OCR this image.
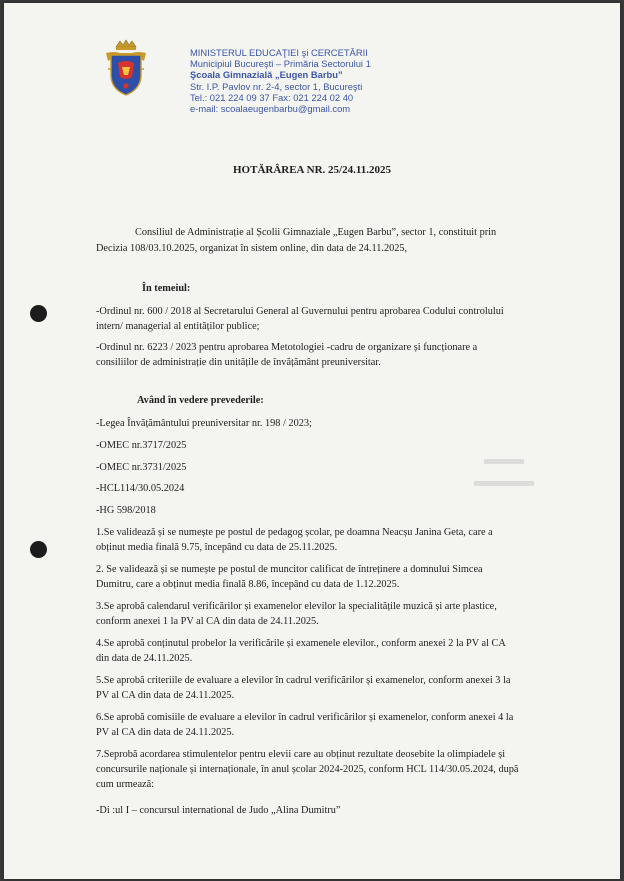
MINISTERUL EDUCAŢIEI şi CERCETĂRII
Municipiul Bucureşti – Primăria Sectorului 1
Şcoala Gimnazială „Eugen Barbu”
Str. I.P. Pavlov nr. 2-4, sector 1, Bucureşti
Tel.: 021 224 09 37 Fax: 021 224 02 40
e-mail: scoalaeugenbarbu@gmail.com
HOTĂRÂREA NR. 25/24.11.2025
Consiliul de Administrație al Școlii Gimnaziale „Eugen Barbu”, sector 1, constituit prin
Decizia 108/03.10.2025, organizat în sistem online, din data de 24.11.2025,
În temeiul:
-Ordinul nr. 600 / 2018 al Secretarului General al Guvernului pentru aprobarea Codului controlului
intern/ managerial al entităților publice;
-Ordinul nr. 6223 / 2023 pentru aprobarea Metotologiei -cadru de organizare și funcționare a
consiliilor de administrație din unitățile de învățământ preuniversitar.
Având în vedere prevederile:
-Legea Învățământului preuniversitar nr. 198 / 2023;
-OMEC nr.3717/2025
-OMEC nr.3731/2025
-HCL114/30.05.2024
-HG 598/2018
1.Se validează și se numește pe postul de pedagog școlar, pe doamna Neacșu Janina Geta, care a
obținut media finală 9.75, începând cu data de 25.11.2025.
2. Se validează și se numește pe postul de muncitor calificat de întreținere a domnului Simcea
Dumitru, care a obținut media finală 8.86, începând cu data de 1.12.2025.
3.Se aprobă calendarul verificărilor și examenelor elevilor la specialitățile muzică și arte plastice,
conform anexei 1 la PV al CA din data de 24.11.2025.
4.Se aprobă conținutul probelor la verificările și examenele elevilor., conform anexei 2 la PV al CA
din data de 24.11.2025.
5.Se aprobă criteriile de evaluare a elevilor în cadrul verificărilor și examenelor, conform anexei 3 la
PV al CA din data de 24.11.2025.
6.Se aprobă comisiile de evaluare a elevilor în cadrul verificărilor și examenelor, conform anexei 4 la
PV al CA din data de 24.11.2025.
7.Seprobă acordarea stimulentelor pentru elevii care au obținut rezultate deosebite la olimpiadele și
concursurile naționale și internaționale, în anul școlar 2024-2025, conform HCL 114/30.05.2024, după
cum urmează:
-Di :ul I – concursul international de Judo „Alina Dumitru”
